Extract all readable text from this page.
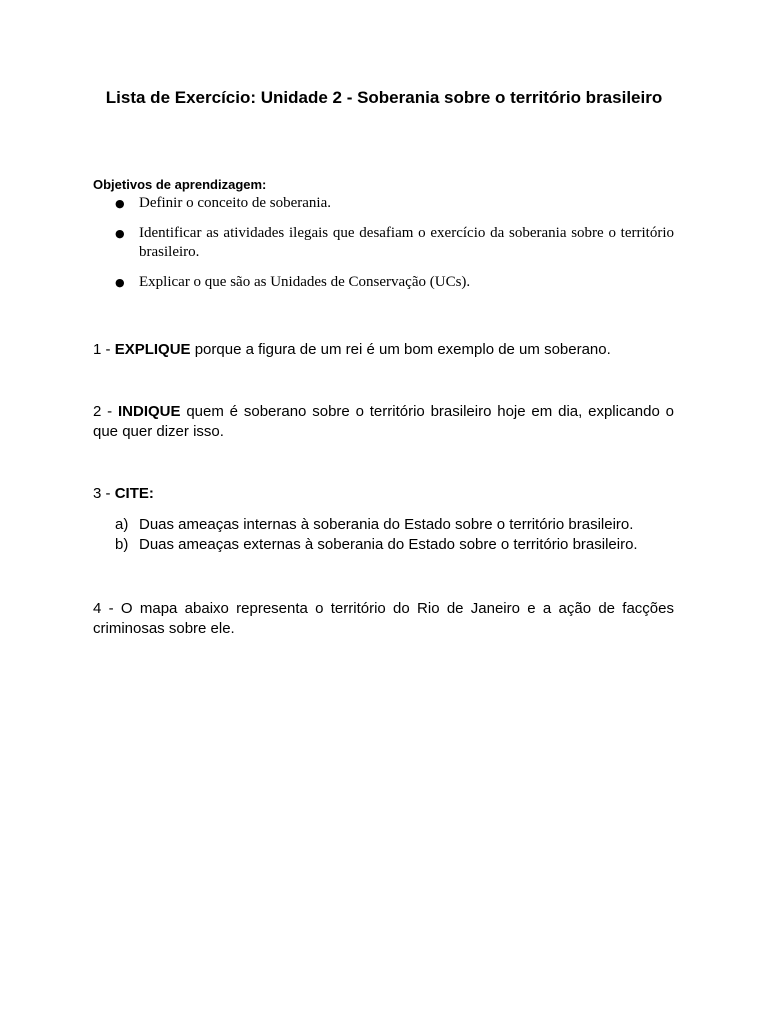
Lista de Exercício: Unidade 2 - Soberania sobre o território brasileiro
Objetivos de aprendizagem:
● Definir o conceito de soberania.
● Identificar as atividades ilegais que desafiam o exercício da soberania sobre o território brasileiro.
● Explicar o que são as Unidades de Conservação (UCs).
1 - EXPLIQUE porque a figura de um rei é um bom exemplo de um soberano.
2 - INDIQUE quem é soberano sobre o território brasileiro hoje em dia, explicando o que quer dizer isso.
3 - CITE:
a) Duas ameaças internas à soberania do Estado sobre o território brasileiro.
b) Duas ameaças externas à soberania do Estado sobre o território brasileiro.
4 - O mapa abaixo representa o território do Rio de Janeiro e a ação de facções criminosas sobre ele.
